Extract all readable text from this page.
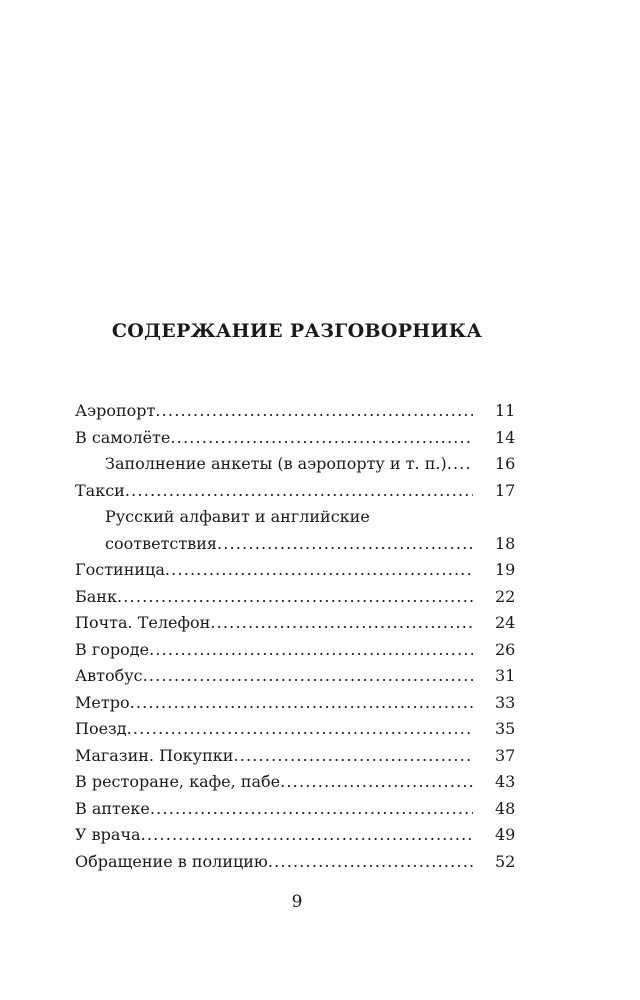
СОДЕРЖАНИЕ РАЗГОВОРНИКА
Аэропорт .....	11
В самолёте .....	14
Заполнение анкеты (в аэропорту и т. п.) .....	16
Такси .....	17
Русский алфавит и английские
соответствия .....	18
Гостиница .....	19
Банк .....	22
Почта. Телефон .....	24
В городе .....	26
Автобус .....	31
Метро .....	33
Поезд .....	35
Магазин. Покупки .....	37
В ресторане, кафе, пабе .....	43
В аптеке .....	48
У врача .....	49
Обращение в полицию .....	52
9
